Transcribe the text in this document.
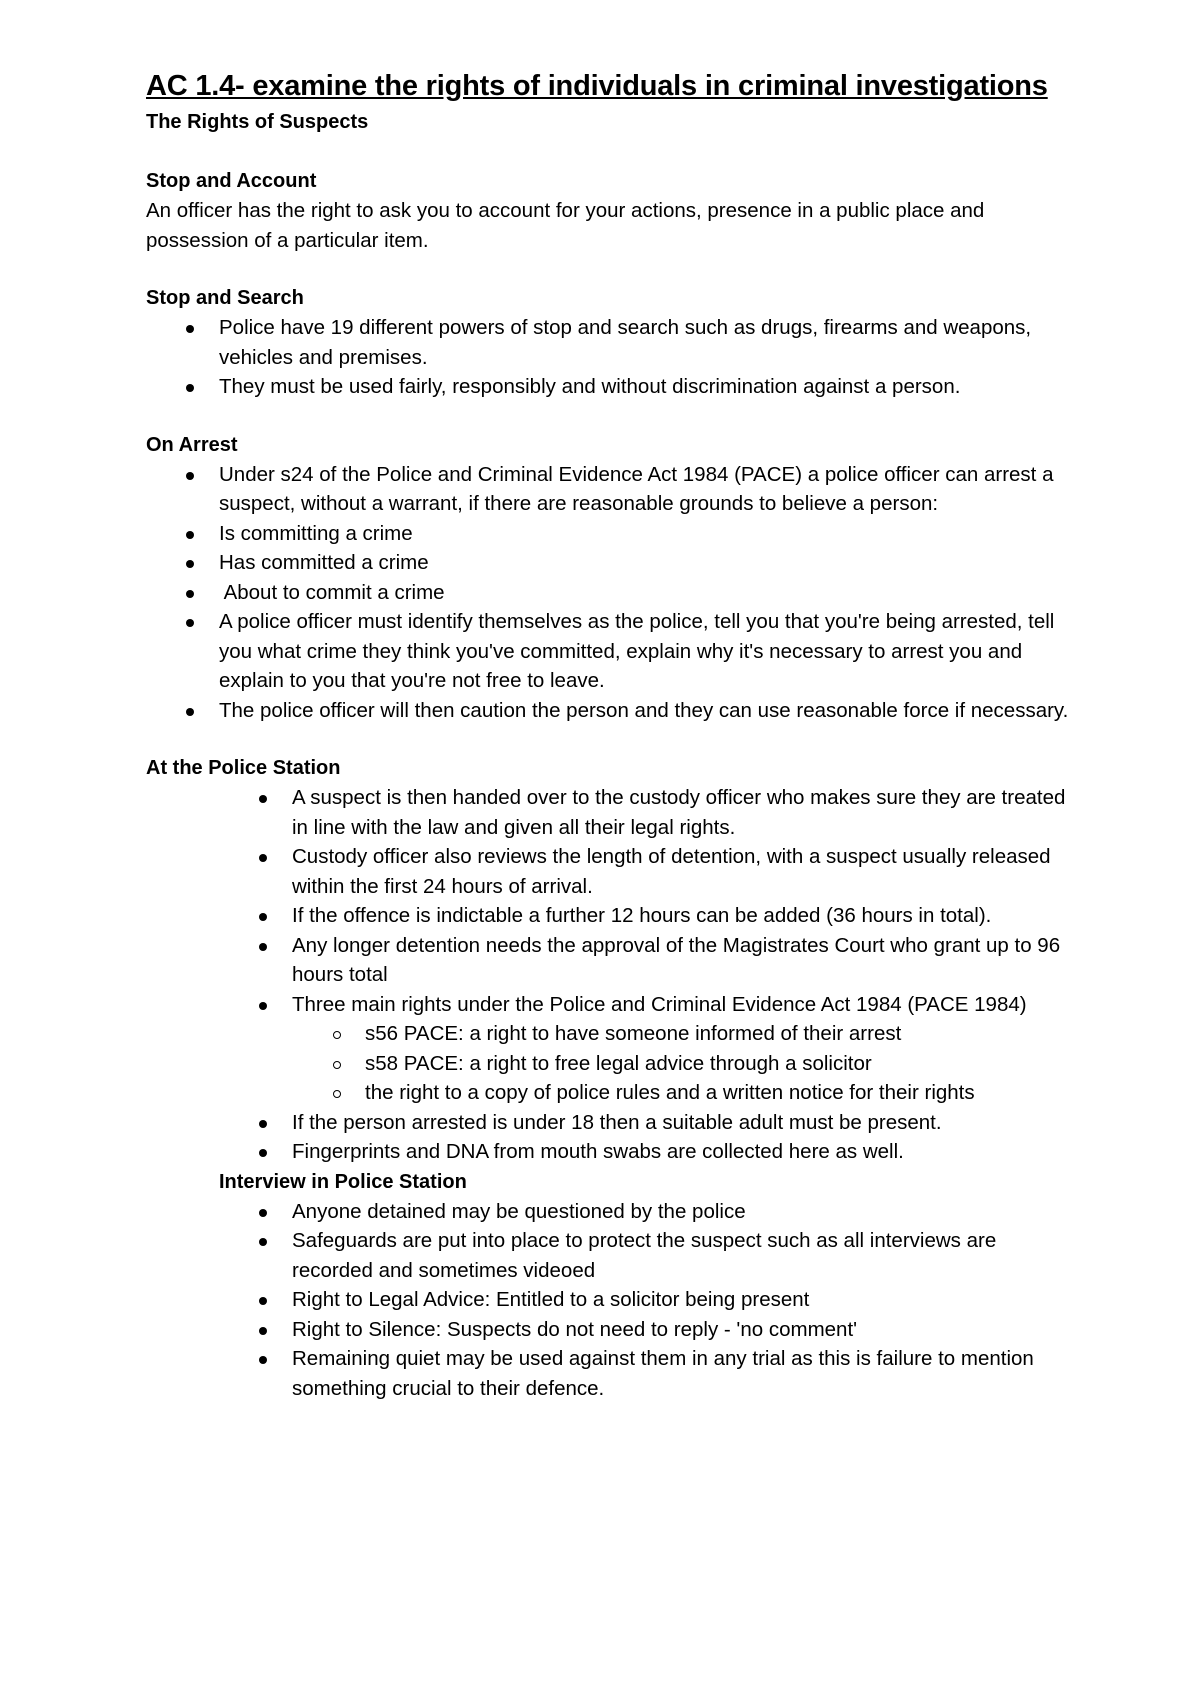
AC 1.4- examine the rights of individuals in criminal investigations

The Rights of Suspects

Stop and Account

An officer has the right to ask you to account for your actions, presence in a public place and possession of a particular item.

Stop and Search

Police have 19 different powers of stop and search such as drugs, firearms and weapons, vehicles and premises.
They must be used fairly, responsibly and without discrimination against a person.

On Arrest

Under s24 of the Police and Criminal Evidence Act 1984 (PACE) a police officer can arrest a suspect, without a warrant, if there are reasonable grounds to believe a person:
Is committing a crime
Has committed a crime
About to commit a crime
A police officer must identify themselves as the police, tell you that you're being arrested, tell you what crime they think you've committed, explain why it's necessary to arrest you and explain to you that you're not free to leave.
The police officer will then caution the person and they can use reasonable force if necessary.

At the Police Station

A suspect is then handed over to the custody officer who makes sure they are treated in line with the law and given all their legal rights.
Custody officer also reviews the length of detention, with a suspect usually released within the first 24 hours of arrival.
If the offence is indictable a further 12 hours can be added (36 hours in total).
Any longer detention needs the approval of the Magistrates Court who grant up to 96 hours total
Three main rights under the Police and Criminal Evidence Act 1984 (PACE 1984)
s56 PACE: a right to have someone informed of their arrest
s58 PACE: a right to free legal advice through a solicitor
the right to a copy of police rules and a written notice for their rights
If the person arrested is under 18 then a suitable adult must be present.
Fingerprints and DNA from mouth swabs are collected here as well.

Interview in Police Station

Anyone detained may be questioned by the police
Safeguards are put into place to protect the suspect such as all interviews are recorded and sometimes videoed
Right to Legal Advice: Entitled to a solicitor being present
Right to Silence: Suspects do not need to reply - 'no comment'
Remaining quiet may be used against them in any trial as this is failure to mention something crucial to their defence.
